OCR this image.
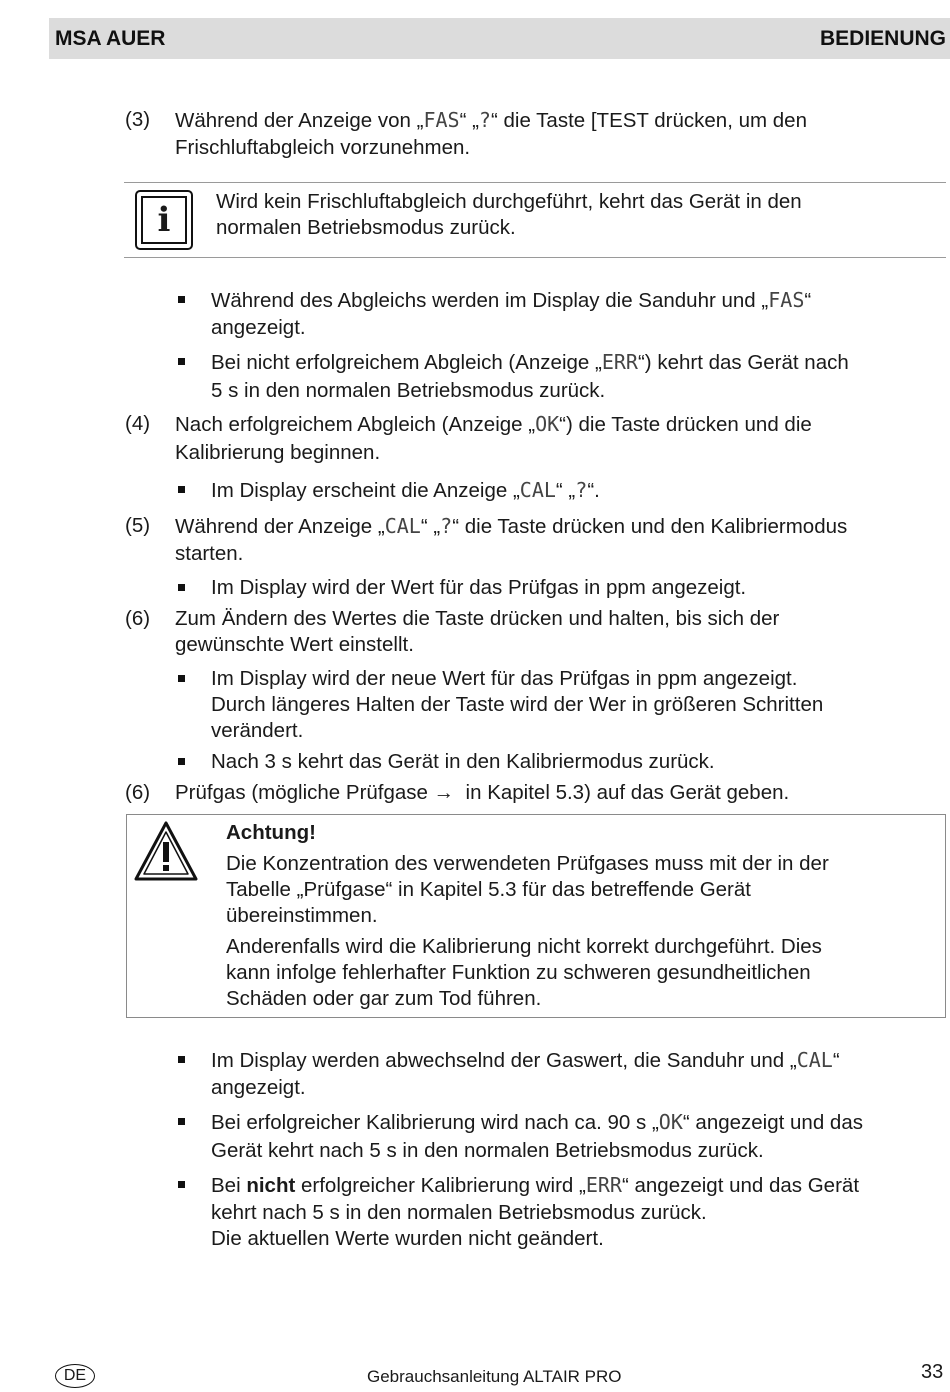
MSA AUER	BEDIENUNG
(3) Während der Anzeige von „FAS“ „?“ die Taste [TEST drücken, um den
Frischluftabgleich vorzunehmen.
i	Wird kein Frischluftabgleich durchgeführt, kehrt das Gerät in den
normalen Betriebsmodus zurück.
Während des Abgleichs werden im Display die Sanduhr und „FAS“
angezeigt.
Bei nicht erfolgreichem Abgleich (Anzeige „ERR“) kehrt das Gerät nach
5 s in den normalen Betriebsmodus zurück.
(4) Nach erfolgreichem Abgleich (Anzeige „OK“) die Taste drücken und die
Kalibrierung beginnen.
Im Display erscheint die Anzeige „CAL“ „?“.
(5) Während der Anzeige „CAL“ „?“ die Taste drücken und den Kalibriermodus
starten.
Im Display wird der Wert für das Prüfgas in ppm angezeigt.
(6) Zum Ändern des Wertes die Taste drücken und halten, bis sich der
gewünschte Wert einstellt.
Im Display wird der neue Wert für das Prüfgas in ppm angezeigt.
Durch längeres Halten der Taste wird der Wer in größeren Schritten
verändert.
Nach 3 s kehrt das Gerät in den Kalibriermodus zurück.
(6) Prüfgas (mögliche Prüfgase →  in Kapitel 5.3) auf das Gerät geben.
Achtung!
Die Konzentration des verwendeten Prüfgases muss mit der in der
Tabelle „Prüfgase“ in Kapitel 5.3 für das betreffende Gerät
übereinstimmen.
Anderenfalls wird die Kalibrierung nicht korrekt durchgeführt. Dies
kann infolge fehlerhafter Funktion zu schweren gesundheitlichen
Schäden oder gar zum Tod führen.
Im Display werden abwechselnd der Gaswert, die Sanduhr und „CAL“
angezeigt.
Bei erfolgreicher Kalibrierung wird nach ca. 90 s „OK“ angezeigt und das
Gerät kehrt nach 5 s in den normalen Betriebsmodus zurück.
Bei nicht erfolgreicher Kalibrierung wird „ERR“ angezeigt und das Gerät
kehrt nach 5 s in den normalen Betriebsmodus zurück.
Die aktuellen Werte wurden nicht geändert.
DE	Gebrauchsanleitung ALTAIR PRO	33
